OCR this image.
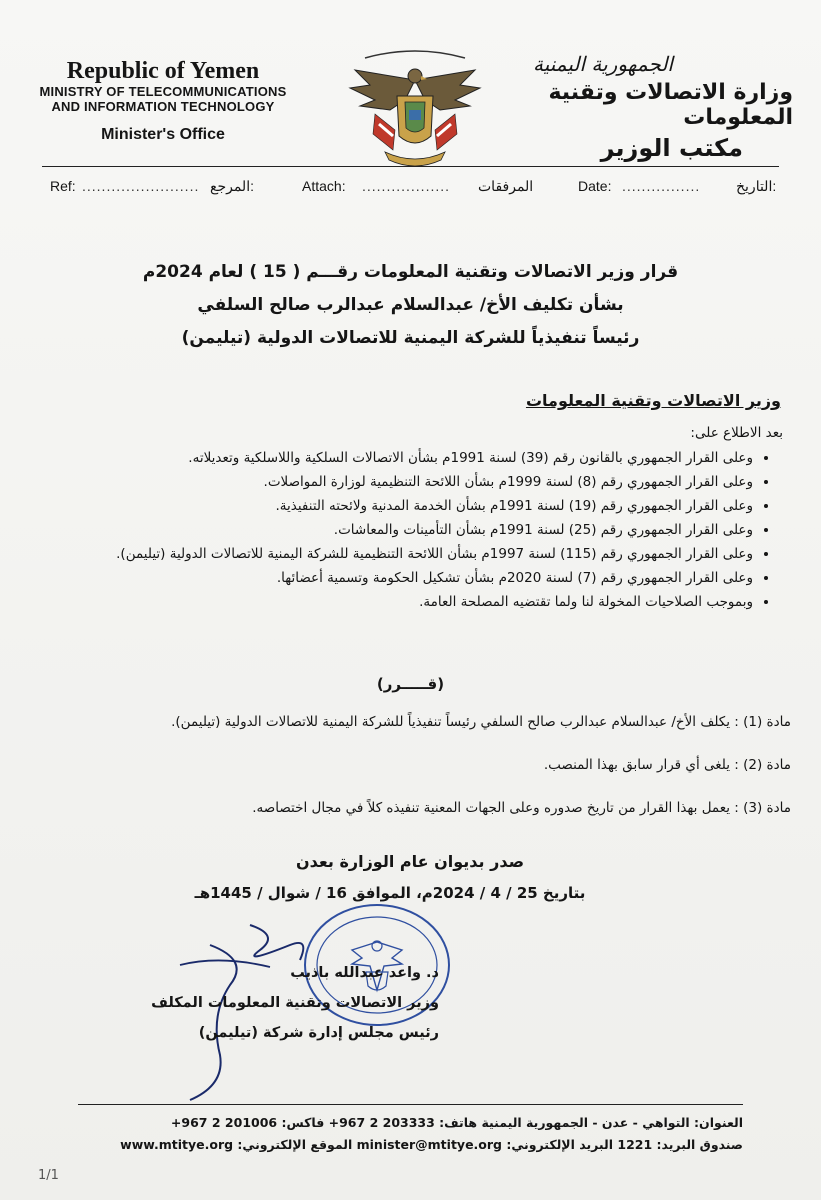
Republic of Yemen
MINISTRY OF TELECOMMUNICATIONS
AND INFORMATION TECHNOLOGY
Minister's Office
الجمهورية اليمنية
وزارة الاتصالات وتقنية المعلومات
مكتب الوزير
Ref: ........................ المرجع:	Attach: .................. المرفقات	Date: ................	التاريخ:
قرار وزير الاتصالات وتقنية المعلومات رقـــم ( 15 ) لعام 2024م
بشأن تكليف الأخ/ عبدالسلام عبدالرب صالح السلفي
رئيساً تنفيذياً للشركة اليمنية للاتصالات الدولية (تيليمن)
وزير الاتصالات وتقنية المعلومات
بعد الاطلاع على:
• وعلى القرار الجمهوري بالقانون رقم (39) لسنة 1991م بشأن الاتصالات السلكية واللاسلكية وتعديلاته.
• وعلى القرار الجمهوري رقم (8) لسنة 1999م بشأن اللائحة التنظيمية لوزارة المواصلات.
• وعلى القرار الجمهوري رقم (19) لسنة 1991م بشأن الخدمة المدنية ولائحته التنفيذية.
• وعلى القرار الجمهوري رقم (25) لسنة 1991م بشأن التأمينات والمعاشات.
• وعلى القرار الجمهوري رقم (115) لسنة 1997م بشأن اللائحة التنظيمية للشركة اليمنية للاتصالات الدولية (تيليمن).
• وعلى القرار الجمهوري رقم (7) لسنة 2020م بشأن تشكيل الحكومة وتسمية أعضائها.
• وبموجب الصلاحيات المخولة لنا ولما تقتضيه المصلحة العامة.
(قـــــرر)
مادة (1) : يكلف الأخ/ عبدالسلام عبدالرب صالح السلفي رئيساً تنفيذياً للشركة اليمنية للاتصالات الدولية (تيليمن).
مادة (2) : يلغى أي قرار سابق بهذا المنصب.
مادة (3) : يعمل بهذا القرار من تاريخ صدوره وعلى الجهات المعنية تنفيذه كلاً في مجال اختصاصه.
صدر بديوان عام الوزارة بعدن
بتاريخ 25 / 4 / 2024م، الموافق 16 / شوال / 1445هـ
د. واعد عبدالله باذيب
وزير الاتصالات وتقنية المعلومات المكلف
رئيس مجلس إدارة شركة (تيليمن)
العنوان: التواهي - عدن - الجمهورية اليمنية هاتف: 203333 2 967+ فاكس: 201006 2 967+
صندوق البريد: 1221 البريد الإلكتروني: minister@mtitye.org الموقع الإلكتروني: www.mtitye.org
1/1
